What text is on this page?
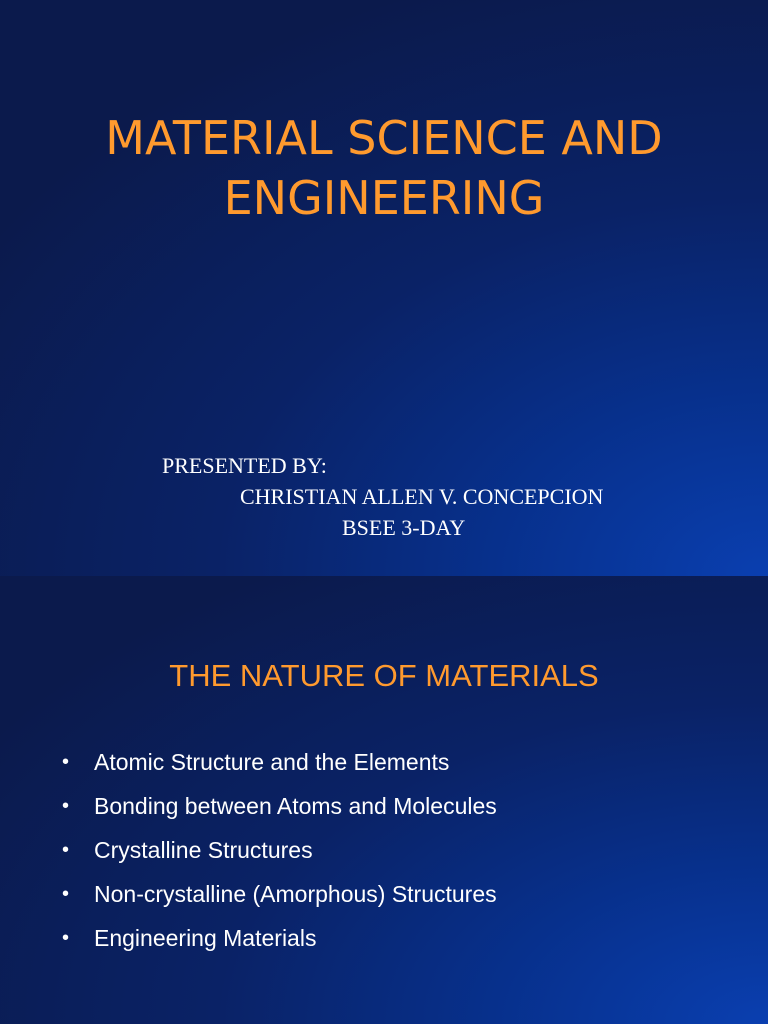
MATERIAL SCIENCE AND
ENGINEERING
PRESENTED BY:
CHRISTIAN ALLEN V. CONCEPCION
BSEE 3-DAY
THE NATURE OF MATERIALS
• Atomic Structure and the Elements
• Bonding between Atoms and Molecules
• Crystalline Structures
• Non-crystalline (Amorphous) Structures
• Engineering Materials
